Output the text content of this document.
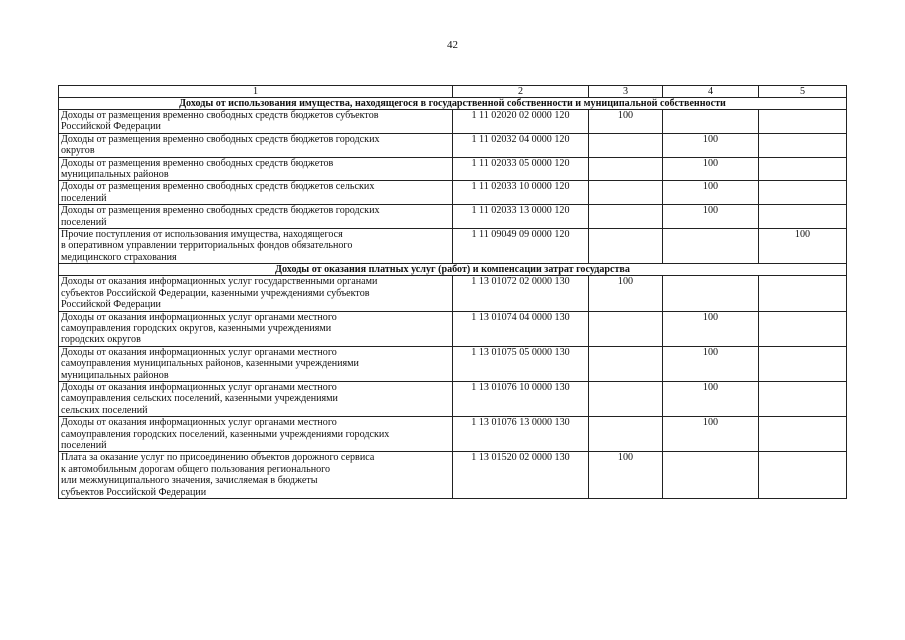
42
1	2	3	4	5
Доходы от использования имущества, находящегося в государственной собственности и муниципальной собственности				

Доходы от размещения временно свободных средств бюджетов субъектов
Российской Федерации	1 11 02020 02 0000 120	100		

Доходы от размещения временно свободных средств бюджетов городских
округов	1 11 02032 04 0000 120		100	

Доходы от размещения временно свободных средств бюджетов
муниципальных районов	1 11 02033 05 0000 120		100	

Доходы от размещения временно свободных средств бюджетов сельских
поселений	1 11 02033 10 0000 120		100	

Доходы от размещения временно свободных средств бюджетов городских
поселений	1 11 02033 13 0000 120		100	

Прочие поступления от использования имущества, находящегося
в оперативном управлении территориальных фондов обязательного
медицинского страхования	1 11 09049 09 0000 120			100
Доходы от оказания платных услуг (работ) и компенсации затрат государства				

Доходы от оказания информационных услуг государственными органами
субъектов Российской Федерации, казенными учреждениями субъектов
Российской Федерации	1 13 01072 02 0000 130	100		

Доходы от оказания информационных услуг органами местного
самоуправления городских округов, казенными учреждениями
городских округов	1 13 01074 04 0000 130		100	

Доходы от оказания информационных услуг органами местного
самоуправления муниципальных районов, казенными учреждениями
муниципальных районов	1 13 01075 05 0000 130		100	

Доходы от оказания информационных услуг органами местного
самоуправления сельских поселений, казенными учреждениями
сельских поселений	1 13 01076 10 0000 130		100	

Доходы от оказания информационных услуг органами местного
самоуправления городских поселений, казенными учреждениями городских
поселений	1 13 01076 13 0000 130		100	

Плата за оказание услуг по присоединению объектов дорожного сервиса
к автомобильным дорогам общего пользования регионального
или межмуниципального значения, зачисляемая в бюджеты
субъектов Российской Федерации	1 13 01520 02 0000 130	100		
